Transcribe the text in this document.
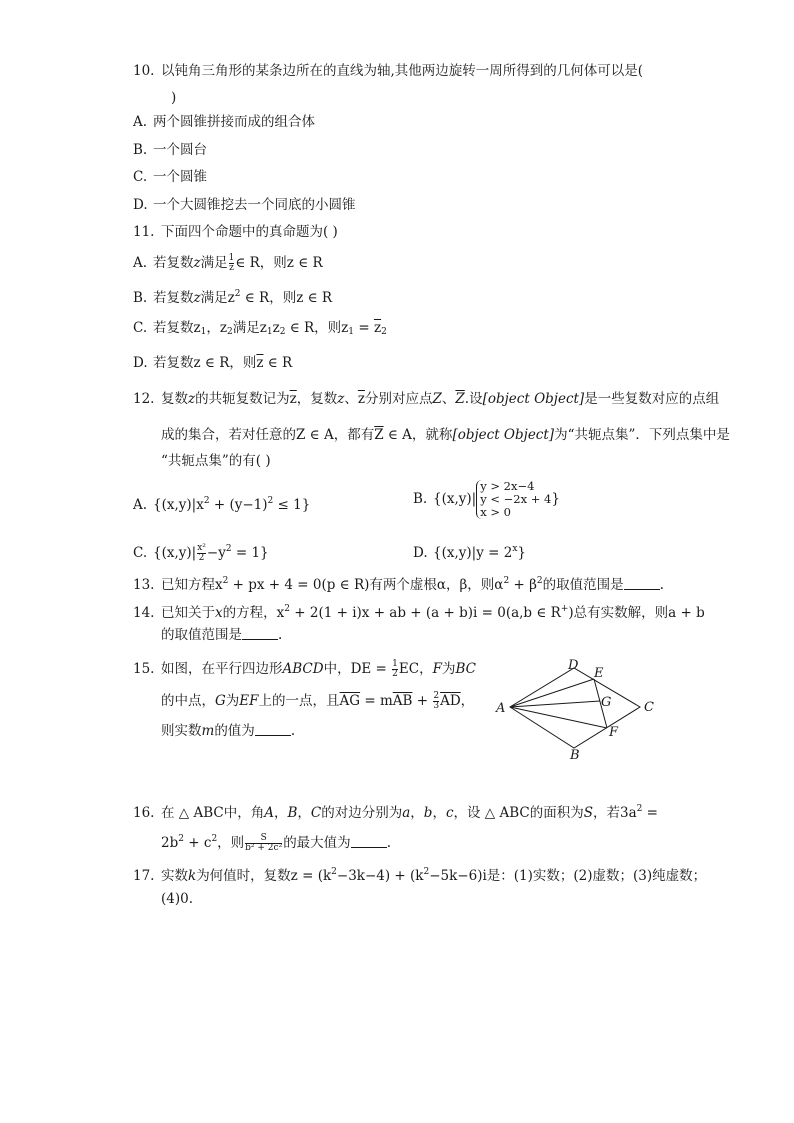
10. 以钝角三角形的某条边所在的直线为轴,其他两边旋转一周所得到的几何体可以是(
)
A. 两个圆锥拼接而成的组合体
B. 一个圆台
C. 一个圆锥
D. 一个大圆锥挖去一个同底的小圆锥
11. 下面四个命题中的真命题为( )
A. 若复数z满足 $\frac{1}{z}$ ∈ R，则z ∈ R
B. 若复数z满足$z^2$ ∈ R，则z ∈ R
C. 若复数$z_1$，$z_2$满足$z_1z_2$ ∈ R，则$z_1 = \overline{z}_2$
D. 若复数z ∈ R，则$\overline{z}$ ∈ R
12. 复数z的共轭复数记为$\overline{z}$，复数z、$\overline{z}$分别对应点Z、$\overline{Z}$.设[object Object]是一些复数对应的点组
成的集合，若对任意的Z ∈ A，都有$\overline{Z}$ ∈ A，就称[object Object]为“共轭点集”．下列点集中是
“共轭点集”的有( )
A. $\{(x,y)|x^2 + (y-1)^2 \le 1\}$	B. {(x,y)|
y > 2x−4
y < −2x + 4
x > 0
}
C. $\{(x,y)| \frac{\text{x²}}{2} -y^2 = 1\}$	D. $\{(x,y)|y = 2^x\}$
13. 已知方程$x^2$ + px + 4 = 0(p ∈ R)有两个虚根α，β，则$\alpha^2 + \beta^2$的取值范围是	.
14. 已知关于x的方程，$x^2 + 2(1 + i)x$ + ab + (a + b)i = 0(a,b ∈ R+)总有实数解，则a + b
的取值范围是	.
15. 如图，在平行四边形ABCD中，DE = $\frac{1}{2}$ EC，F为BC
的中点，G为EF上的一点，且$\overline{AG} = m\overline{AB} + \frac{2}{3} \overline{AD}$，
则实数m的值为	.
A
B
C
D
E
F
G
16. 在 △ ABC中，角A，B，C的对边分别为a，b，c，设 △ ABC的面积为S，若$3a^2$ =
$2b^2 + c^2$，则 $\frac{S}{\text{b² + 2c²}}$ 的最大值为	.
17. 实数k为何值时，复数$z = (k^2-3k-4) + (k^2-5k-6)i$是：(1)实数；(2)虚数；(3)纯虚数；
(4)0.
